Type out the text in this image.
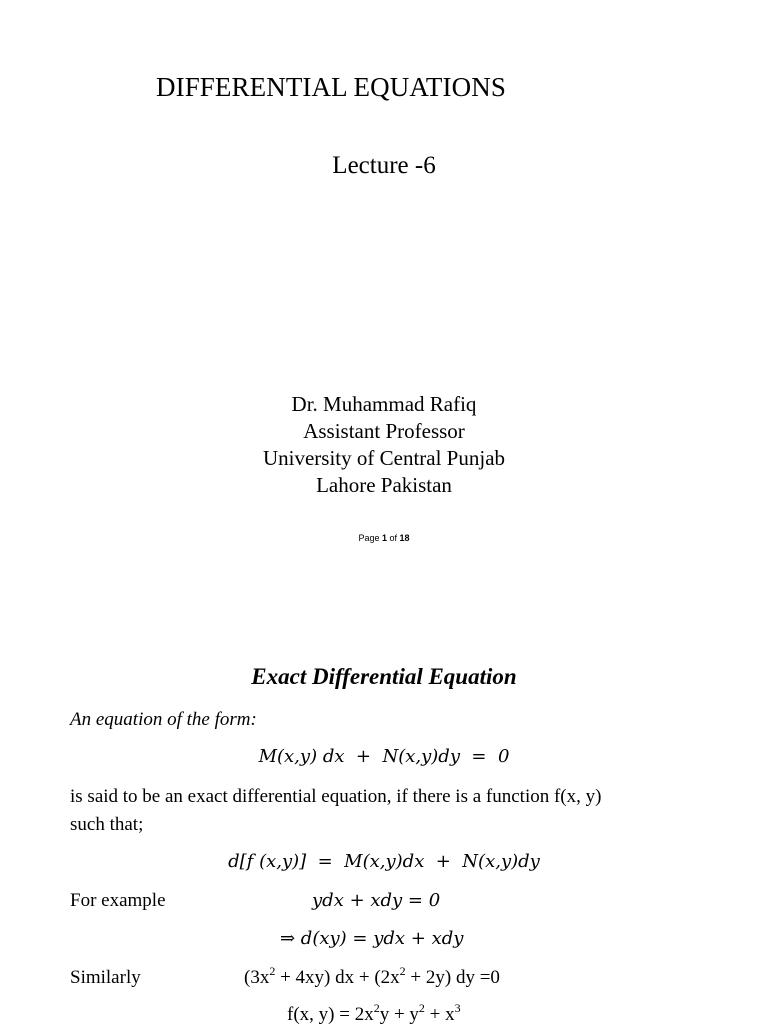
DIFFERENTIAL EQUATIONS
Lecture -6
Dr. Muhammad Rafiq
Assistant Professor
University of Central Punjab
Lahore Pakistan
Page 1 of 18
Exact Differential Equation
An equation of the form:
M(x,y) dx  +  N(x,y)dy  =  0
is said to be an exact differential equation, if there is a function f(x, y)
such that;
d[f (x,y)]  =  M(x,y)dx  +  N(x,y)dy
For example	ydx + xdy = 0
⇒ d(xy) = ydx + xdy
Similarly	$(3x^2 + 4xy)$ dx + $(2x^2 + 2y)$ dy =0
f(x, $y) = 2x^2y + y^2 + x^3$
